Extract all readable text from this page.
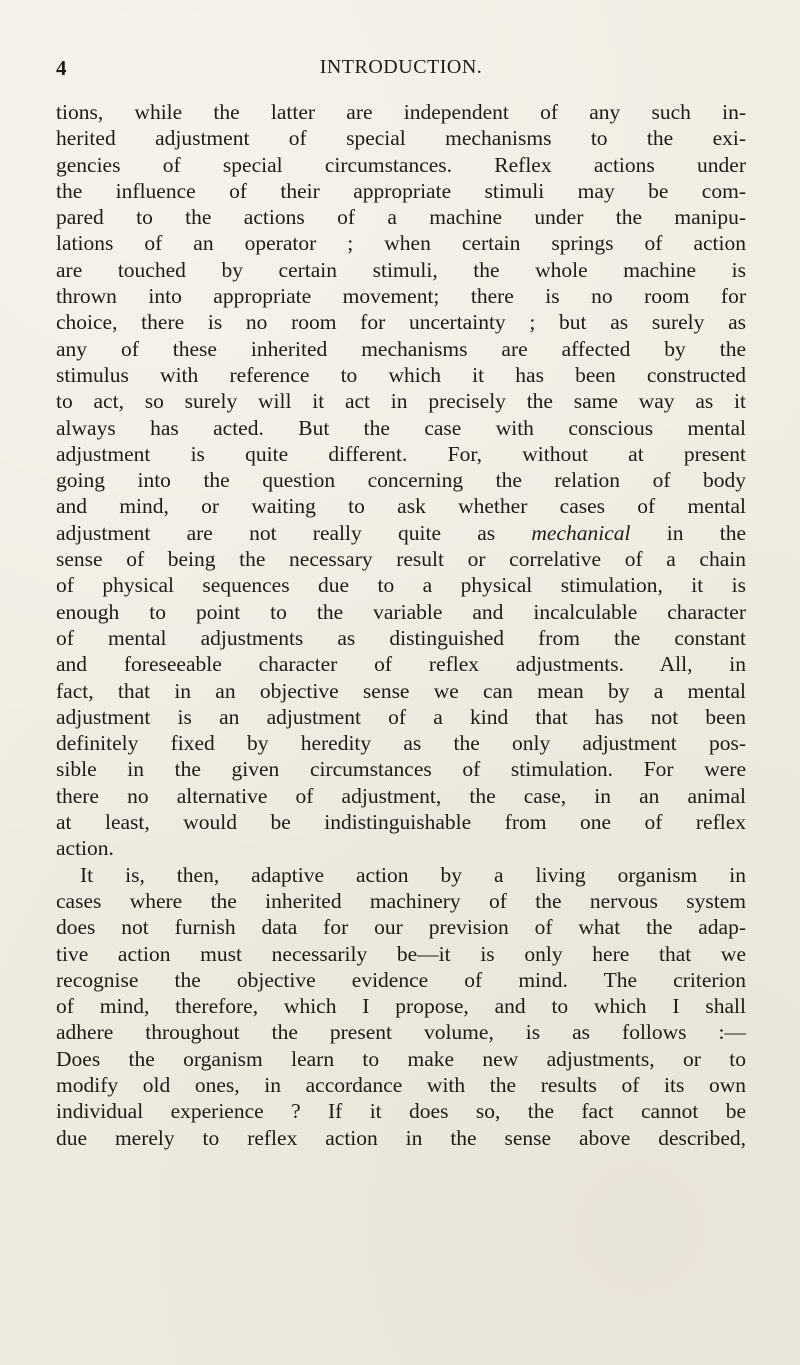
4	INTRODUCTION.
tions, while the latter are independent of any such in-
herited adjustment of special mechanisms to the exi-
gencies of special circumstances. Reflex actions under
the influence of their appropriate stimuli may be com-
pared to the actions of a machine under the manipu-
lations of an operator ; when certain springs of action
are touched by certain stimuli, the whole machine is
thrown into appropriate movement; there is no room for
choice, there is no room for uncertainty ; but as surely as
any of these inherited mechanisms are affected by the
stimulus with reference to which it has been constructed
to act, so surely will it act in precisely the same way as it
always has acted. But the case with conscious mental
adjustment is quite different. For, without at present
going into the question concerning the relation of body
and mind, or waiting to ask whether cases of mental
adjustment are not really quite as mechanical in the
sense of being the necessary result or correlative of a chain
of physical sequences due to a physical stimulation, it is
enough to point to the variable and incalculable character
of mental adjustments as distinguished from the constant
and foreseeable character of reflex adjustments. All, in
fact, that in an objective sense we can mean by a mental
adjustment is an adjustment of a kind that has not been
definitely fixed by heredity as the only adjustment pos-
sible in the given circumstances of stimulation. For were
there no alternative of adjustment, the case, in an animal
at least, would be indistinguishable from one of reflex
action.
It is, then, adaptive action by a living organism in
cases where the inherited machinery of the nervous system
does not furnish data for our prevision of what the adap-
tive action must necessarily be—it is only here that we
recognise the objective evidence of mind. The criterion
of mind, therefore, which I propose, and to which I shall
adhere throughout the present volume, is as follows :—
Does the organism learn to make new adjustments, or to
modify old ones, in accordance with the results of its own
individual experience ? If it does so, the fact cannot be
due merely to reflex action in the sense above described,
